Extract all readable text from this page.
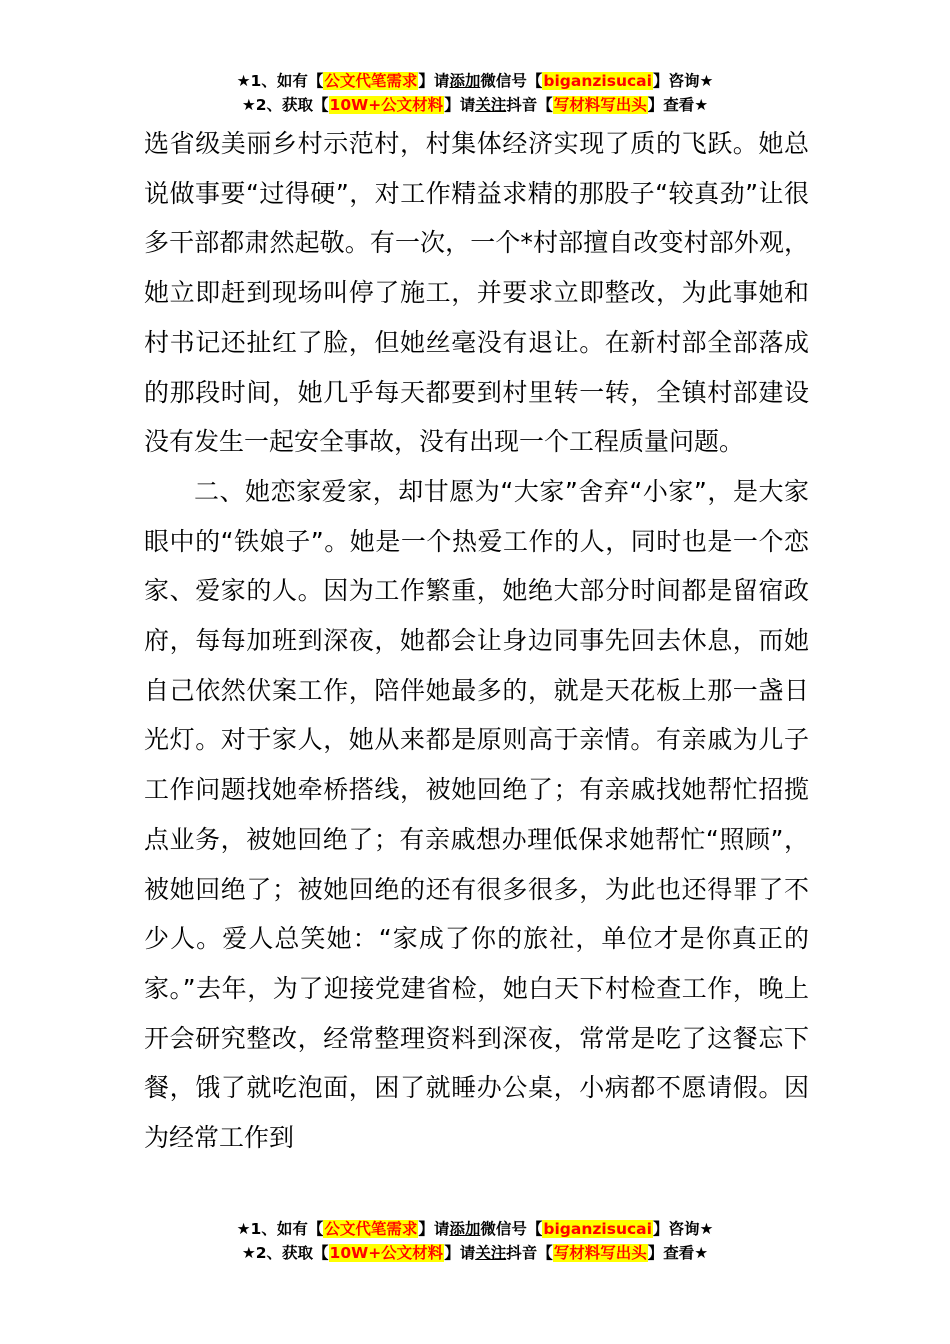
★1、如有【公文代笔需求】请添加微信号【biganzisucai】咨询★
★2、获取【10W+公文材料】请关注抖音【写材料写出头】查看★

选省级美丽乡村示范村，村集体经济实现了质的飞跃。她总说做事要“过得硬”，对工作精益求精的那股子“较真劲”让很多干部都肃然起敬。有一次，一个*村部擅自改变村部外观，她立即赶到现场叫停了施工，并要求立即整改，为此事她和村书记还扯红了脸，但她丝毫没有退让。在新村部全部落成的那段时间，她几乎每天都要到村里转一转，全镇村部建设没有发生一起安全事故，没有出现一个工程质量问题。

二、她恋家爱家，却甘愿为“大家”舍弃“小家”，是大家眼中的“铁娘子”。她是一个热爱工作的人，同时也是一个恋家、爱家的人。因为工作繁重，她绝大部分时间都是留宿政府，每每加班到深夜，她都会让身边同事先回去休息，而她自己依然伏案工作，陪伴她最多的，就是天花板上那一盏日光灯。对于家人，她从来都是原则高于亲情。有亲戚为儿子工作问题找她牵桥搭线，被她回绝了；有亲戚找她帮忙招揽点业务，被她回绝了；有亲戚想办理低保求她帮忙“照顾”，被她回绝了；被她回绝的还有很多很多，为此也还得罪了不少人。爱人总笑她：“家成了你的旅社，单位才是你真正的家。”去年，为了迎接党建省检，她白天下村检查工作，晚上开会研究整改，经常整理资料到深夜，常常是吃了这餐忘下餐，饿了就吃泡面，困了就睡办公桌，小病都不愿请假。因为经常工作到

★1、如有【公文代笔需求】请添加微信号【biganzisucai】咨询★
★2、获取【10W+公文材料】请关注抖音【写材料写出头】查看★
